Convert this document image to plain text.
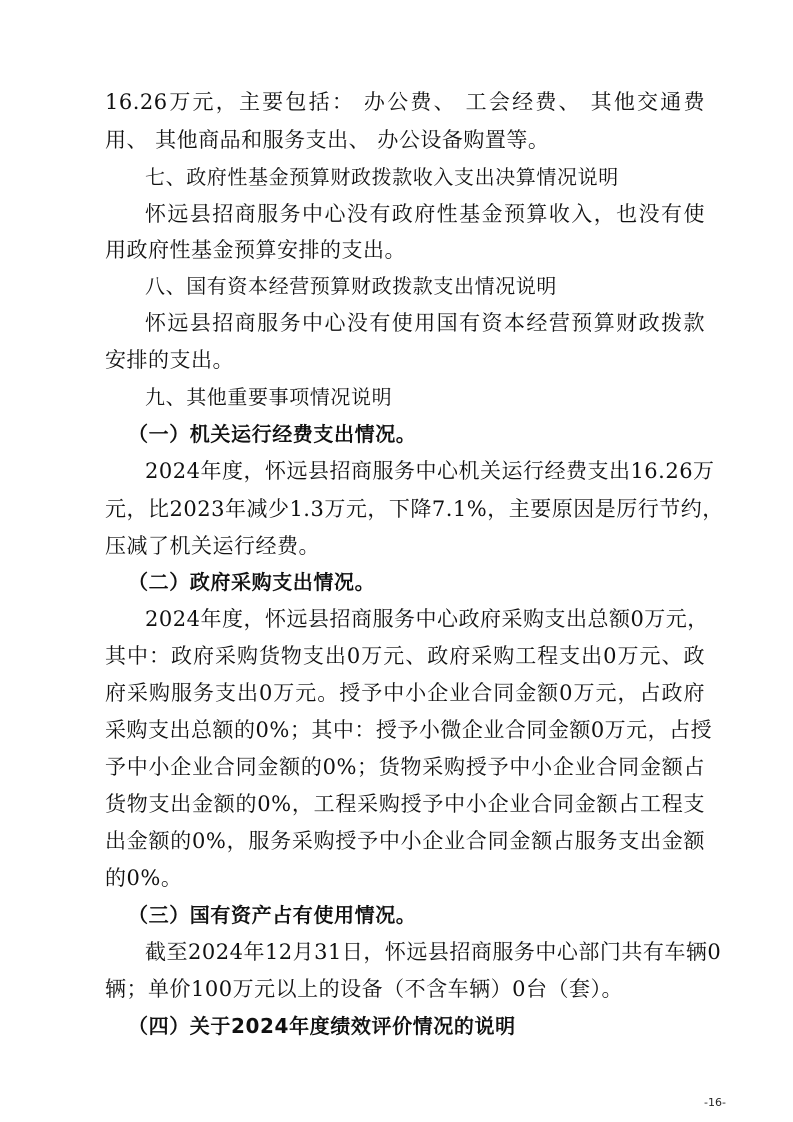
16.26万元，主要包括： 办公费、 工会经费、 其他交通费
用、 其他商品和服务支出、 办公设备购置等。
七、政府性基金预算财政拨款收入支出决算情况说明
怀远县招商服务中心没有政府性基金预算收入，也没有使
用政府性基金预算安排的支出。
八、国有资本经营预算财政拨款支出情况说明
怀远县招商服务中心没有使用国有资本经营预算财政拨款
安排的支出。
九、其他重要事项情况说明
（一）机关运行经费支出情况。
2024年度，怀远县招商服务中心机关运行经费支出16.26万
元，比2023年减少1.3万元，下降7.1%，主要原因是厉行节约，
压减了机关运行经费。
（二）政府采购支出情况。
2024年度，怀远县招商服务中心政府采购支出总额0万元，
其中：政府采购货物支出0万元、政府采购工程支出0万元、政
府采购服务支出0万元。授予中小企业合同金额0万元，占政府
采购支出总额的0%；其中：授予小微企业合同金额0万元，占授
予中小企业合同金额的0%；货物采购授予中小企业合同金额占
货物支出金额的0%，工程采购授予中小企业合同金额占工程支
出金额的0%，服务采购授予中小企业合同金额占服务支出金额
的0%。
（三）国有资产占有使用情况。
截至2024年12月31日，怀远县招商服务中心部门共有车辆0
辆；单价100万元以上的设备（不含车辆）0台（套）。
（四）关于2024年度绩效评价情况的说明
-16-
